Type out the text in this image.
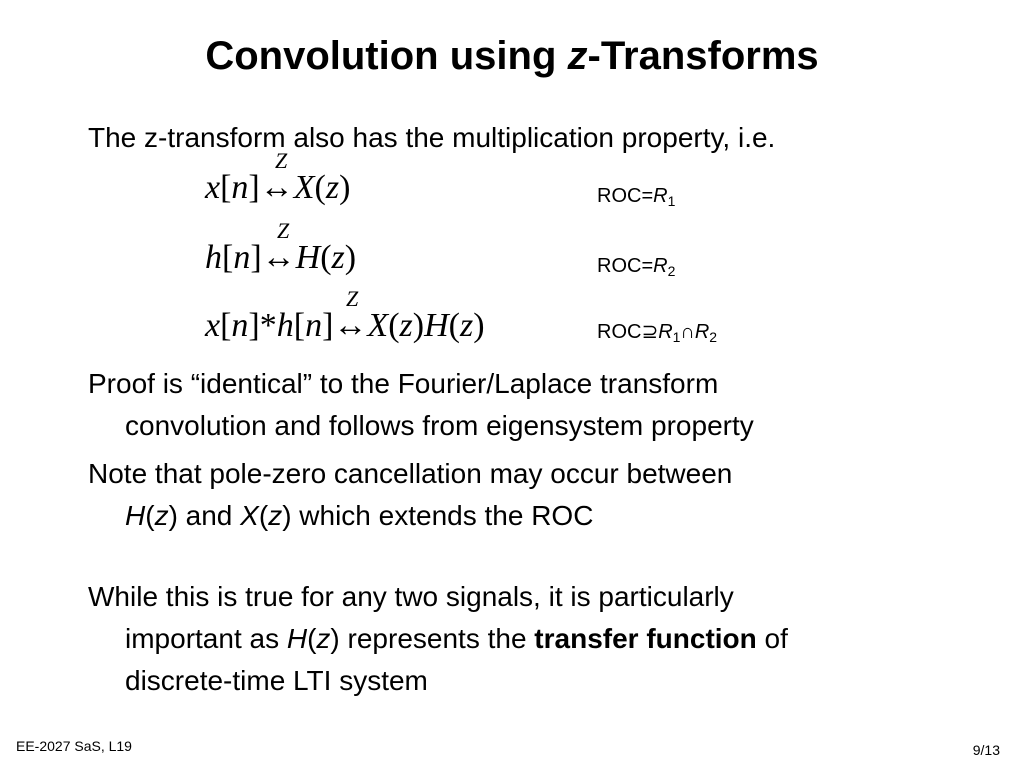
Convolution using z-Transforms
The z-transform also has the multiplication property, i.e.
Z
x[n]↔X(z)	$ROC=R_1$
Z
h[n]↔H(z)	$ROC=R_2$
Z
x[n]*h[n]↔X(z)H(z)	$ROC⊇R_1\cap R_2$
Proof is “identical” to the Fourier/Laplace transform
convolution and follows from eigensystem property
Note that pole-zero cancellation may occur between
H(z) and X(z) which extends the ROC
While this is true for any two signals, it is particularly
important as H(z) represents the transfer function of
discrete-time LTI system
EE-2027 SaS, L19	9/13
